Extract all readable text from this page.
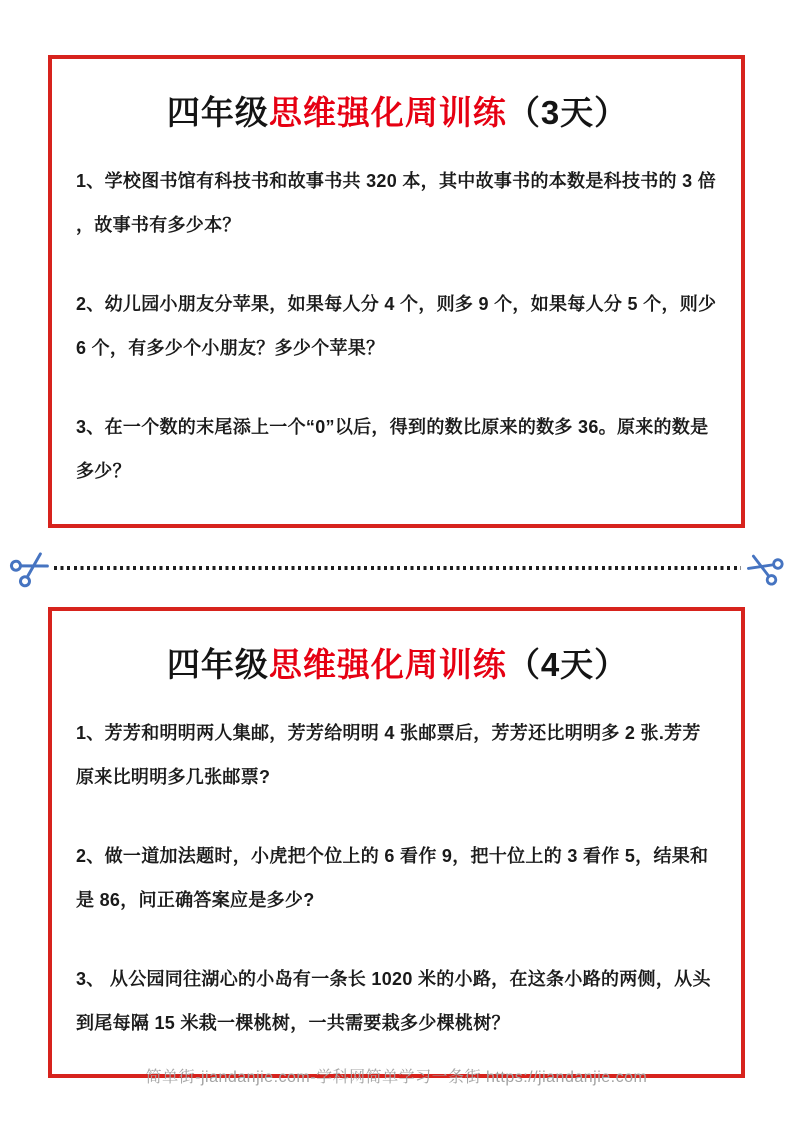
四年级思维强化周训练（3天）

1、学校图书馆有科技书和故事书共 320 本，其中故事书的本数是科技书的 3 倍 ，故事书有多少本？

2、幼儿园小朋友分苹果，如果每人分 4 个，则多 9 个，如果每人分 5 个，则少 6 个，有多少个小朋友？多少个苹果？

3、在一个数的末尾添上一个“0”以后，得到的数比原来的数多 36。原来的数是多少？

四年级思维强化周训练（4天）

1、芳芳和明明两人集邮，芳芳给明明 4 张邮票后，芳芳还比明明多 2 张.芳芳原来比明明多几张邮票?

2、做一道加法题时，小虎把个位上的 6 看作 9，把十位上的 3 看作 5，结果和是 86，问正确答案应是多少?

3、 从公园同往湖心的小岛有一条长 1020 米的小路，在这条小路的两侧，从头到尾每隔 15 米栽一棵桃树，一共需要栽多少棵桃树？

简单街-jiandanjie.com-学科网简单学习一条街 https://jiandanjie.com
